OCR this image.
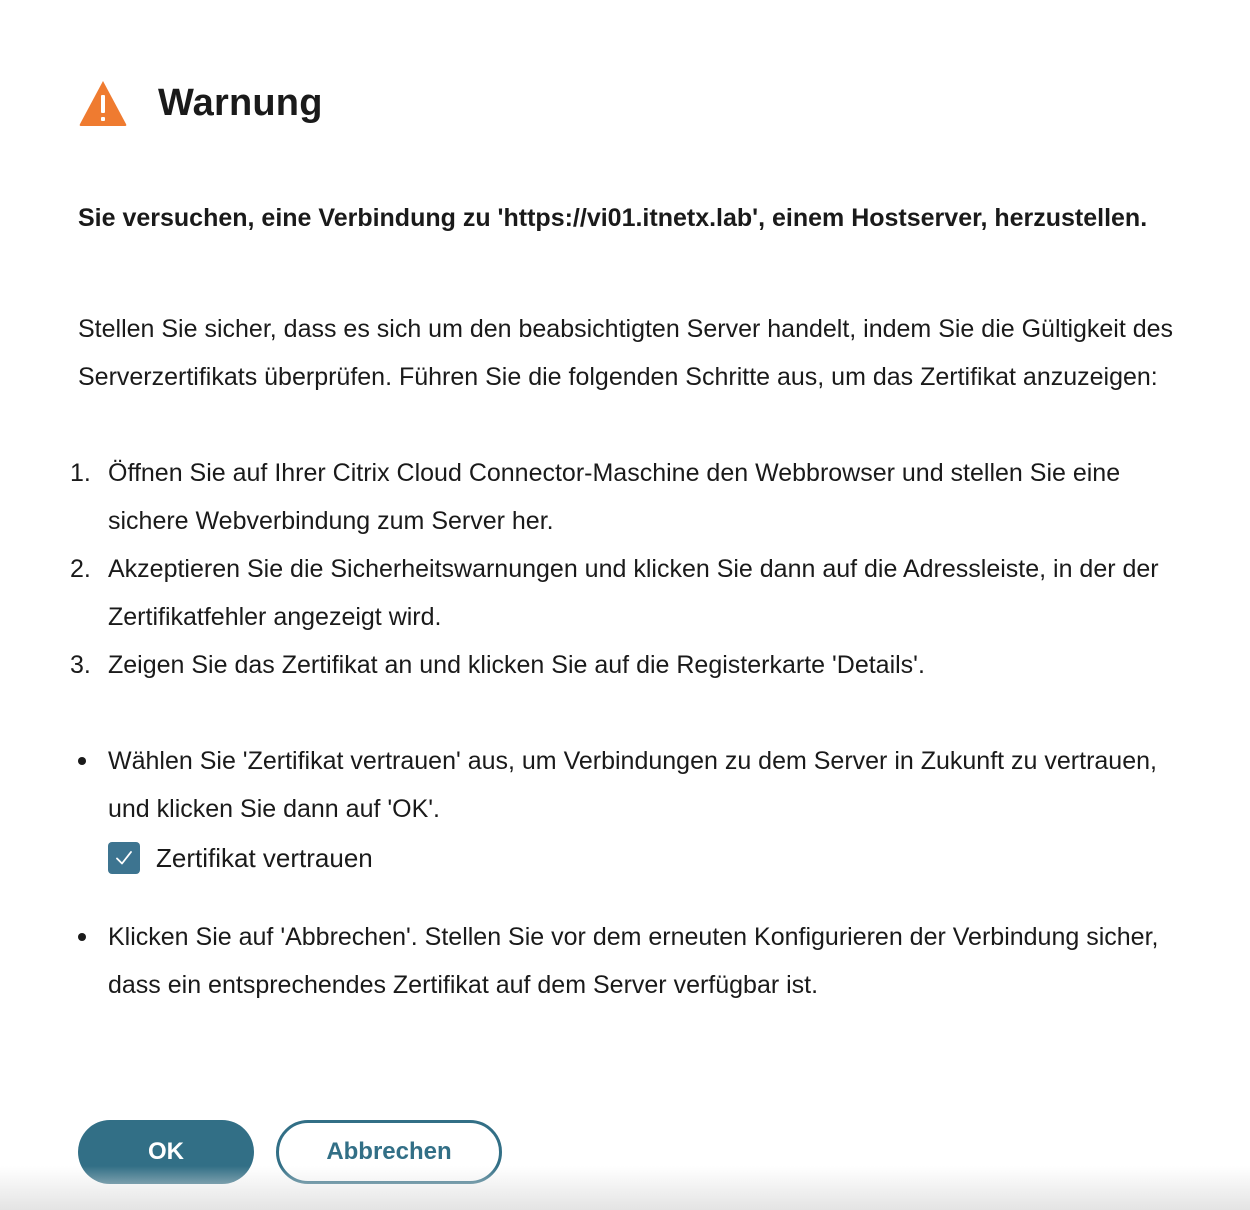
Warnung

Sie versuchen, eine Verbindung zu 'https://vi01.itnetx.lab', einem Hostserver, herzustellen.

Stellen Sie sicher, dass es sich um den beabsichtigten Server handelt, indem Sie die Gültigkeit des Serverzertifikats überprüfen. Führen Sie die folgenden Schritte aus, um das Zertifikat anzuzeigen:

1. Öffnen Sie auf Ihrer Citrix Cloud Connector-Maschine den Webbrowser und stellen Sie eine sichere Webverbindung zum Server her.
2. Akzeptieren Sie die Sicherheitswarnungen und klicken Sie dann auf die Adressleiste, in der der Zertifikatfehler angezeigt wird.
3. Zeigen Sie das Zertifikat an und klicken Sie auf die Registerkarte 'Details'.
Wählen Sie 'Zertifikat vertrauen' aus, um Verbindungen zu dem Server in Zukunft zu vertrauen, und klicken Sie dann auf 'OK'.
Zertifikat vertrauen
Klicken Sie auf 'Abbrechen'. Stellen Sie vor dem erneuten Konfigurieren der Verbindung sicher, dass ein entsprechendes Zertifikat auf dem Server verfügbar ist.
OK	Abbrechen
